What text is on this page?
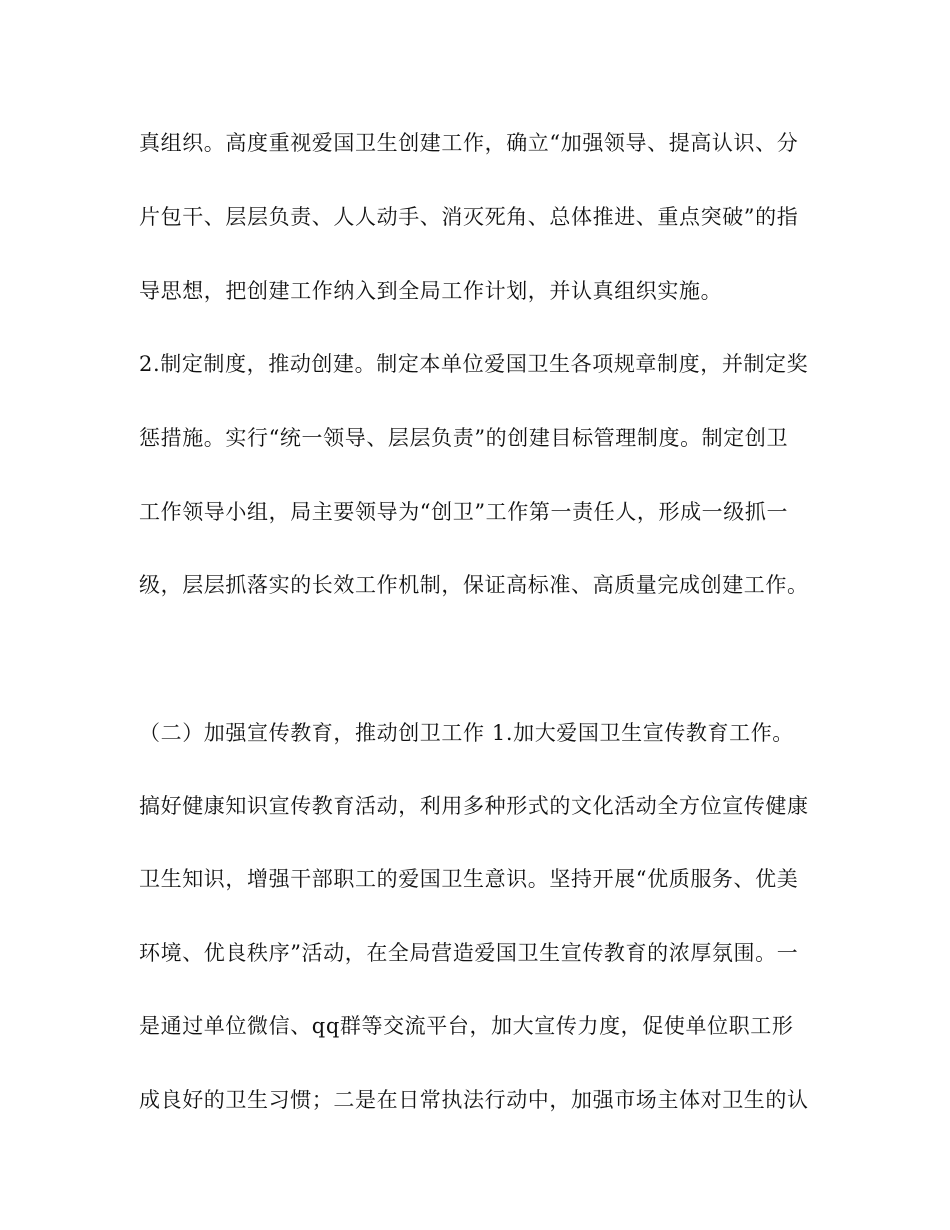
真组织。高度重视爱国卫生创建工作，确立“加强领导、提高认识、分
片包干、层层负责、人人动手、消灭死角、总体推进、重点突破”的指
导思想，把创建工作纳入到全局工作计划，并认真组织实施。
2.制定制度，推动创建。制定本单位爱国卫生各项规章制度，并制定奖
惩措施。实行“统一领导、层层负责”的创建目标管理制度。制定创卫
工作领导小组，局主要领导为“创卫”工作第一责任人，形成一级抓一
级，层层抓落实的长效工作机制，保证高标准、高质量完成创建工作。
（二）加强宣传教育，推动创卫工作 1.加大爱国卫生宣传教育工作。
搞好健康知识宣传教育活动，利用多种形式的文化活动全方位宣传健康
卫生知识，增强干部职工的爱国卫生意识。坚持开展“优质服务、优美
环境、优良秩序”活动，在全局营造爱国卫生宣传教育的浓厚氛围。一
是通过单位微信、qq群等交流平台，加大宣传力度，促使单位职工形
成良好的卫生习惯；二是在日常执法行动中，加强市场主体对卫生的认
